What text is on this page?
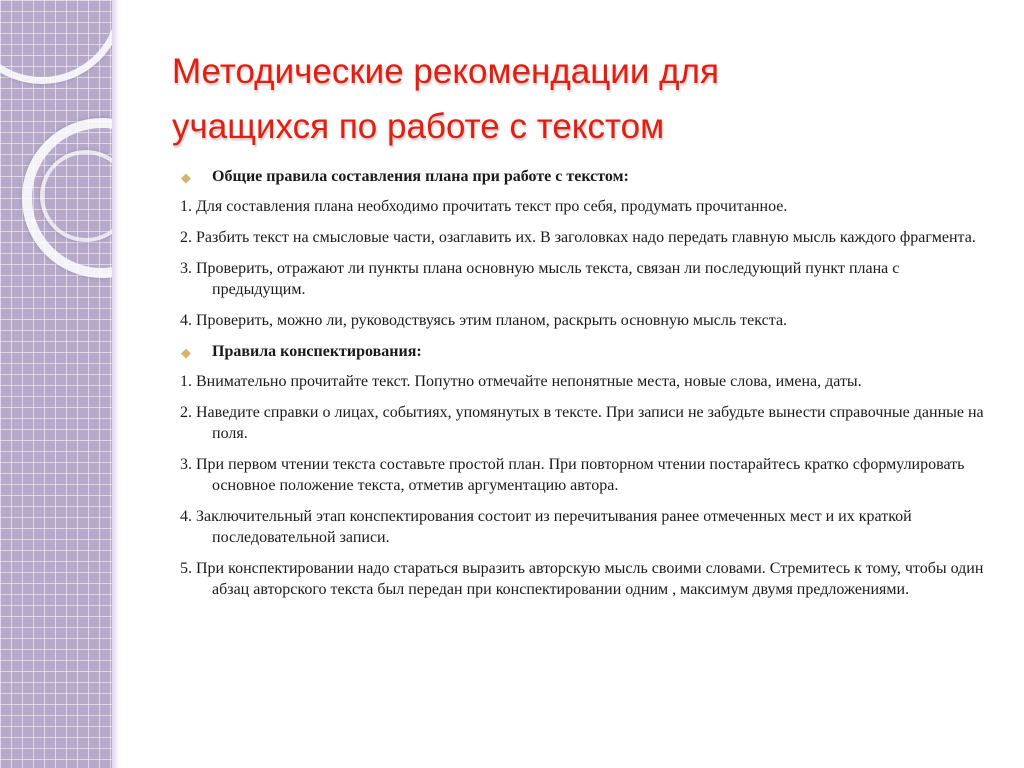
Методические рекомендации для
учащихся по работе с текстом
◆ Общие правила составления плана при работе с текстом:
1. Для составления плана необходимо прочитать текст про себя, продумать прочитанное.
2. Разбить текст на смысловые части, озаглавить их. В заголовках надо передать главную мысль каждого фрагмента.
3. Проверить, отражают ли пункты плана основную мысль текста, связан ли последующий пункт плана с предыдущим.
4. Проверить, можно ли, руководствуясь этим планом, раскрыть основную мысль текста.
◆ Правила конспектирования:
1. Внимательно прочитайте текст. Попутно отмечайте непонятные места, новые слова, имена, даты.
2. Наведите справки о лицах, событиях, упомянутых в тексте. При записи не забудьте вынести справочные данные на поля.
3. При первом чтении текста составьте простой план. При повторном чтении постарайтесь кратко сформулировать основное положение текста, отметив аргументацию автора.
4. Заключительный этап конспектирования состоит из перечитывания ранее отмеченных мест и их краткой последовательной записи.
5. При конспектировании надо стараться выразить авторскую мысль своими словами. Стремитесь к тому, чтобы один абзац авторского текста был передан при конспектировании одним , максимум двумя предложениями.
